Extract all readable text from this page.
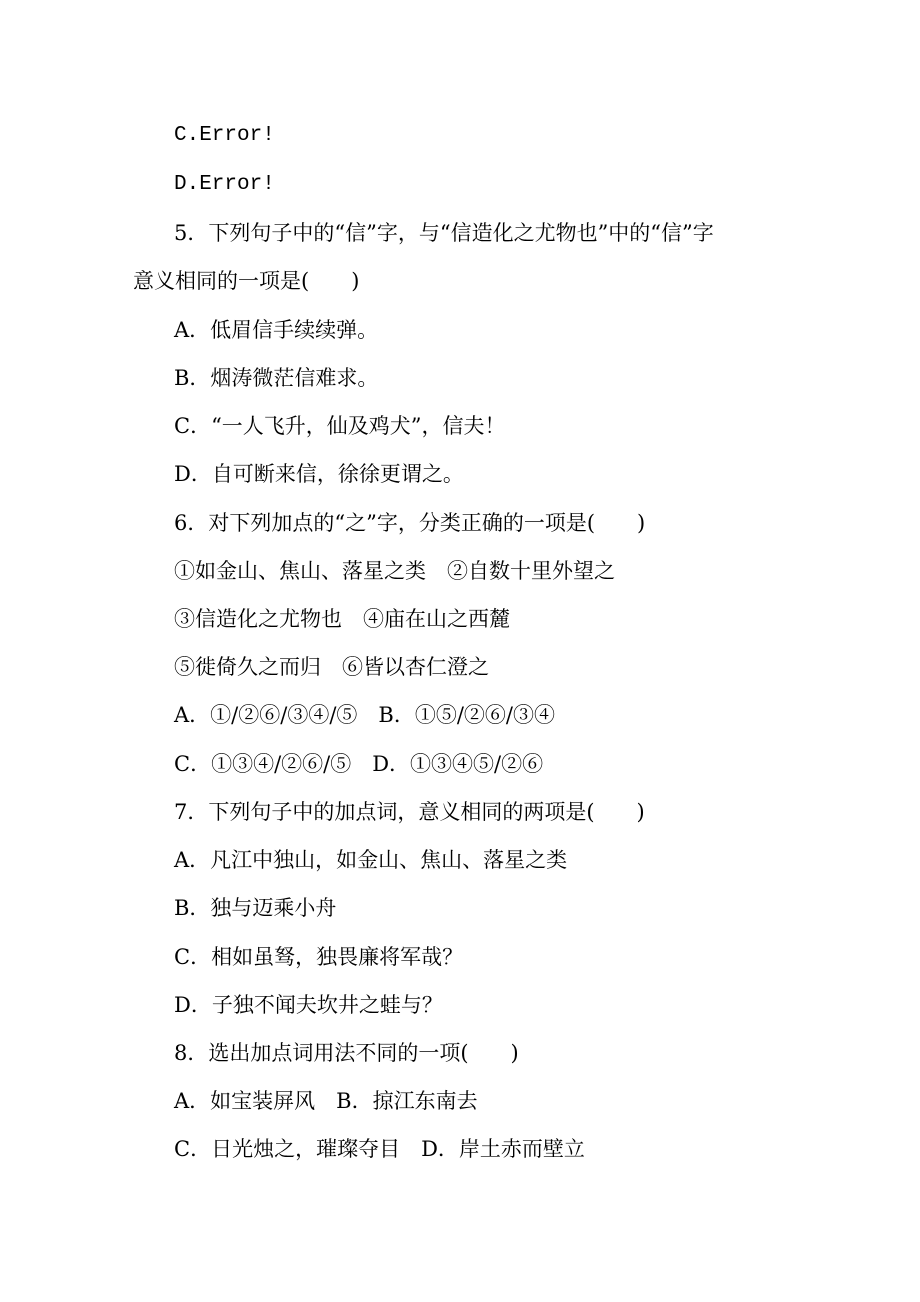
C.Error!
D.Error!
5．下列句子中的“信”字，与“信造化之尤物也”中的“信”字
意义相同的一项是(　　)
A．低眉信手续续弹。
B．烟涛微茫信难求。
C．“一人飞升，仙及鸡犬”，信夫！
D．自可断来信，徐徐更谓之。
6．对下列加点的“之”字，分类正确的一项是(　　)
①如金山、焦山、落星之类　②自数十里外望之
③信造化之尤物也　④庙在山之西麓
⑤徙倚久之而归　⑥皆以杏仁澄之
A．①/②⑥/③④/⑤　B．①⑤/②⑥/③④
C．①③④/②⑥/⑤　D．①③④⑤/②⑥
7．下列句子中的加点词，意义相同的两项是(　　)
A．凡江中独山，如金山、焦山、落星之类
B．独与迈乘小舟
C．相如虽驽，独畏廉将军哉？
D．子独不闻夫坎井之蛙与？
8．选出加点词用法不同的一项(　　)
A．如宝装屏风　B．掠江东南去
C．日光烛之，璀璨夺目　D．岸土赤而壁立
